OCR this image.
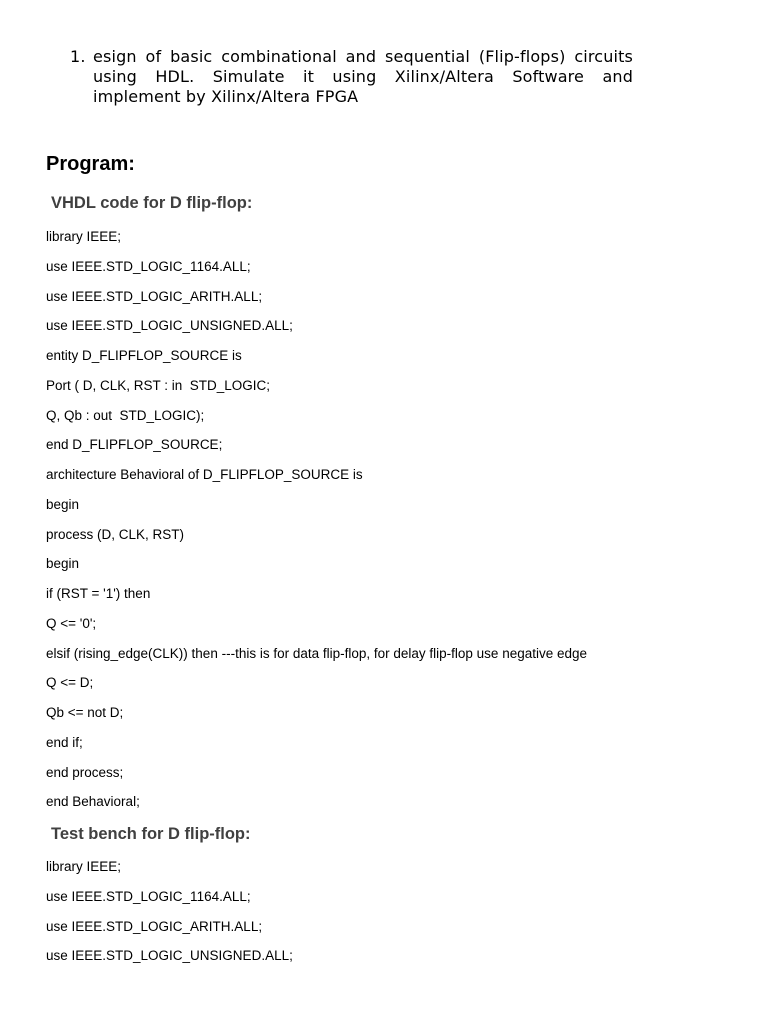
1. esign of basic combinational and sequential (Flip-flops) circuits using HDL. Simulate it using Xilinx/Altera Software and implement by Xilinx/Altera FPGA
Program:
VHDL code for D flip-flop:
library IEEE;
use IEEE.STD_LOGIC_1164.ALL;
use IEEE.STD_LOGIC_ARITH.ALL;
use IEEE.STD_LOGIC_UNSIGNED.ALL;
entity D_FLIPFLOP_SOURCE is
Port ( D, CLK, RST : in  STD_LOGIC;
Q, Qb : out  STD_LOGIC);
end D_FLIPFLOP_SOURCE;
architecture Behavioral of D_FLIPFLOP_SOURCE is
begin
process (D, CLK, RST)
begin
if (RST = '1') then
Q <= '0';
elsif (rising_edge(CLK)) then ---this is for data flip-flop, for delay flip-flop use negative edge
Q <= D;
Qb <= not D;
end if;
end process;
end Behavioral;
Test bench for D flip-flop:
library IEEE;
use IEEE.STD_LOGIC_1164.ALL;
use IEEE.STD_LOGIC_ARITH.ALL;
use IEEE.STD_LOGIC_UNSIGNED.ALL;
